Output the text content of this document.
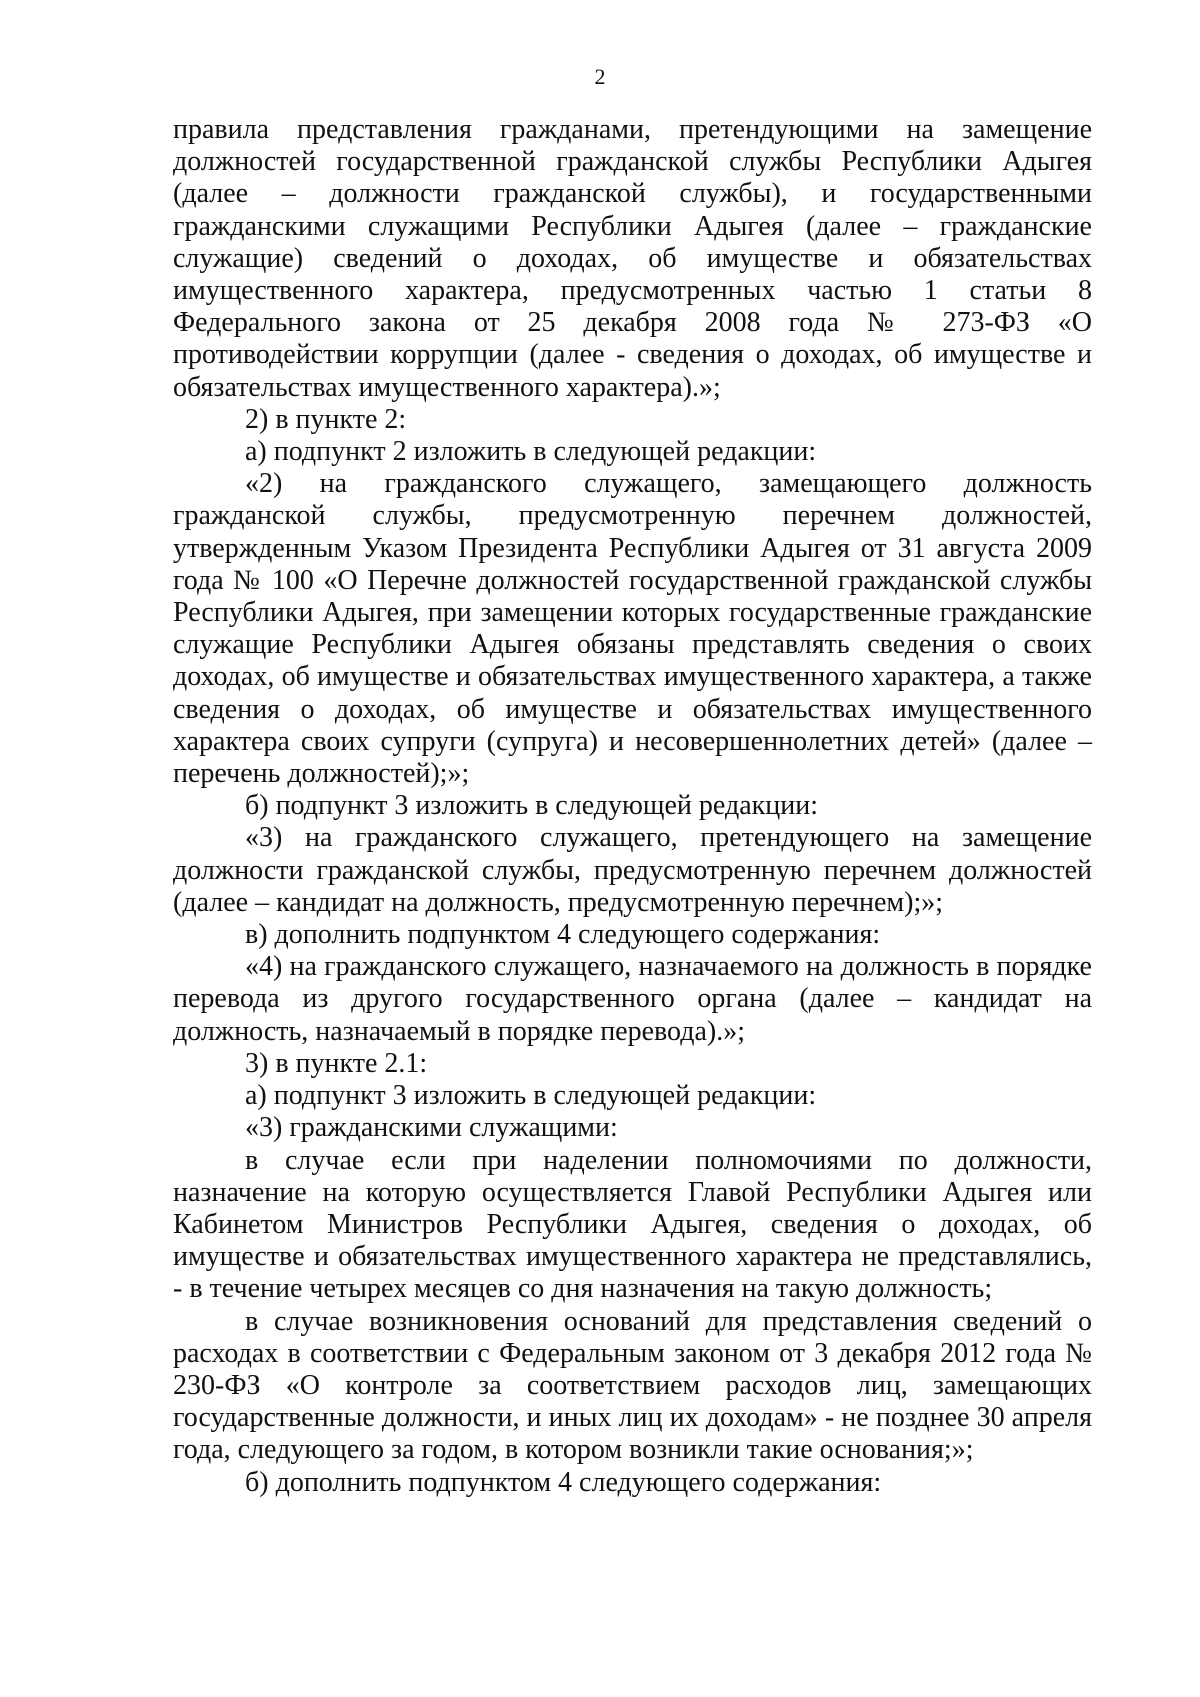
2

правила представления гражданами, претендующими на замещение должностей государственной гражданской службы Республики Адыгея (далее – должности гражданской службы), и государственными гражданскими служащими Республики Адыгея (далее – гражданские служащие) сведений о доходах, об имуществе и обязательствах имущественного характера, предусмотренных частью 1 статьи 8 Федерального закона от 25 декабря 2008 года № 273-ФЗ «О противодействии коррупции (далее - сведения о доходах, об имуществе и обязательствах имущественного характера).»;

2) в пункте 2:

а) подпункт 2 изложить в следующей редакции:

«2) на гражданского служащего, замещающего должность гражданской службы, предусмотренную перечнем должностей, утвержденным Указом Президента Республики Адыгея от 31 августа 2009 года № 100 «О Перечне должностей государственной гражданской службы Республики Адыгея, при замещении которых государственные гражданские служащие Республики Адыгея обязаны представлять сведения о своих доходах, об имуществе и обязательствах имущественного характера, а также сведения о доходах, об имуществе и обязательствах имущественного характера своих супруги (супруга) и несовершеннолетних детей» (далее – перечень должностей);»;

б) подпункт 3 изложить в следующей редакции:

«3) на гражданского служащего, претендующего на замещение должности гражданской службы, предусмотренную перечнем должностей (далее – кандидат на должность, предусмотренную перечнем);»;

в) дополнить подпунктом 4 следующего содержания:

«4) на гражданского служащего, назначаемого на должность в порядке перевода из другого государственного органа (далее – кандидат на должность, назначаемый в порядке перевода).»;

3) в пункте 2.1:

а) подпункт 3 изложить в следующей редакции:

«3) гражданскими служащими:

в случае если при наделении полномочиями по должности, назначение на которую осуществляется Главой Республики Адыгея или Кабинетом Министров Республики Адыгея, сведения о доходах, об имуществе и обязательствах имущественного характера не представлялись, - в течение четырех месяцев со дня назначения на такую должность;

в случае возникновения оснований для представления сведений о расходах в соответствии с Федеральным законом от 3 декабря 2012 года № 230-ФЗ «О контроле за соответствием расходов лиц, замещающих государственные должности, и иных лиц их доходам» - не позднее 30 апреля года, следующего за годом, в котором возникли такие основания;»;

б) дополнить подпунктом 4 следующего содержания:
